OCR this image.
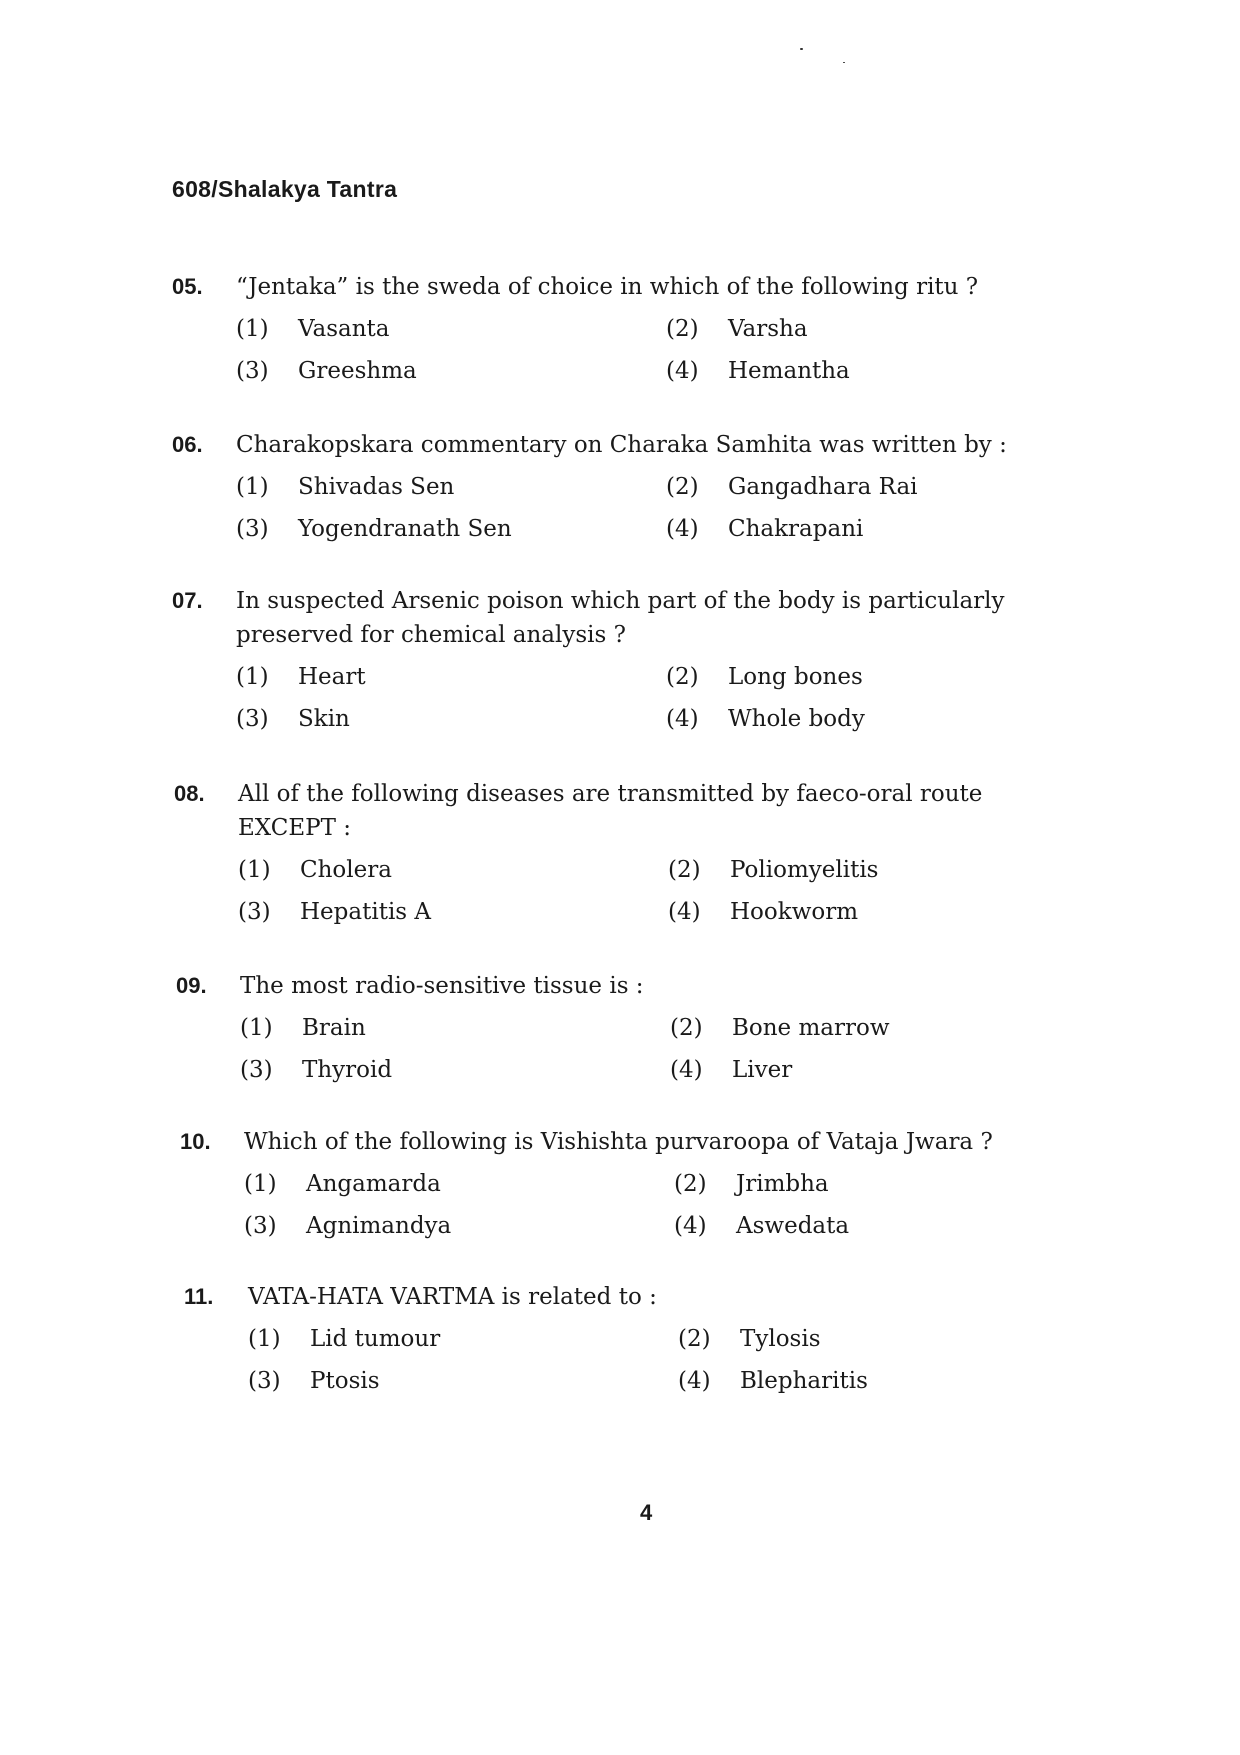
608/Shalakya Tantra
05. “Jentaka” is the sweda of choice in which of the following ritu ?
(1)	Vasanta	(2)	Varsha
(3)	Greeshma	(4)	Hemantha
06. Charakopskara commentary on Charaka Samhita was written by :
(1)	Shivadas Sen	(2)	Gangadhara Rai
(3)	Yogendranath Sen	(4)	Chakrapani
07. In suspected Arsenic poison which part of the body is particularly
preserved for chemical analysis ?
(1)	Heart	(2)	Long bones
(3)	Skin	(4)	Whole body
08. All of the following diseases are transmitted by faeco-oral route
EXCEPT :
(1)	Cholera	(2)	Poliomyelitis
(3)	Hepatitis A	(4)	Hookworm
09. The most radio-sensitive tissue is :
(1)	Brain	(2)	Bone marrow
(3)	Thyroid	(4)	Liver
10. Which of the following is Vishishta purvaroopa of Vataja Jwara ?
(1)	Angamarda	(2)	Jrimbha
(3)	Agnimandya	(4)	Aswedata
11. VATA-HATA VARTMA is related to :
(1)	Lid tumour	(2)	Tylosis
(3)	Ptosis	(4)	Blepharitis
4
